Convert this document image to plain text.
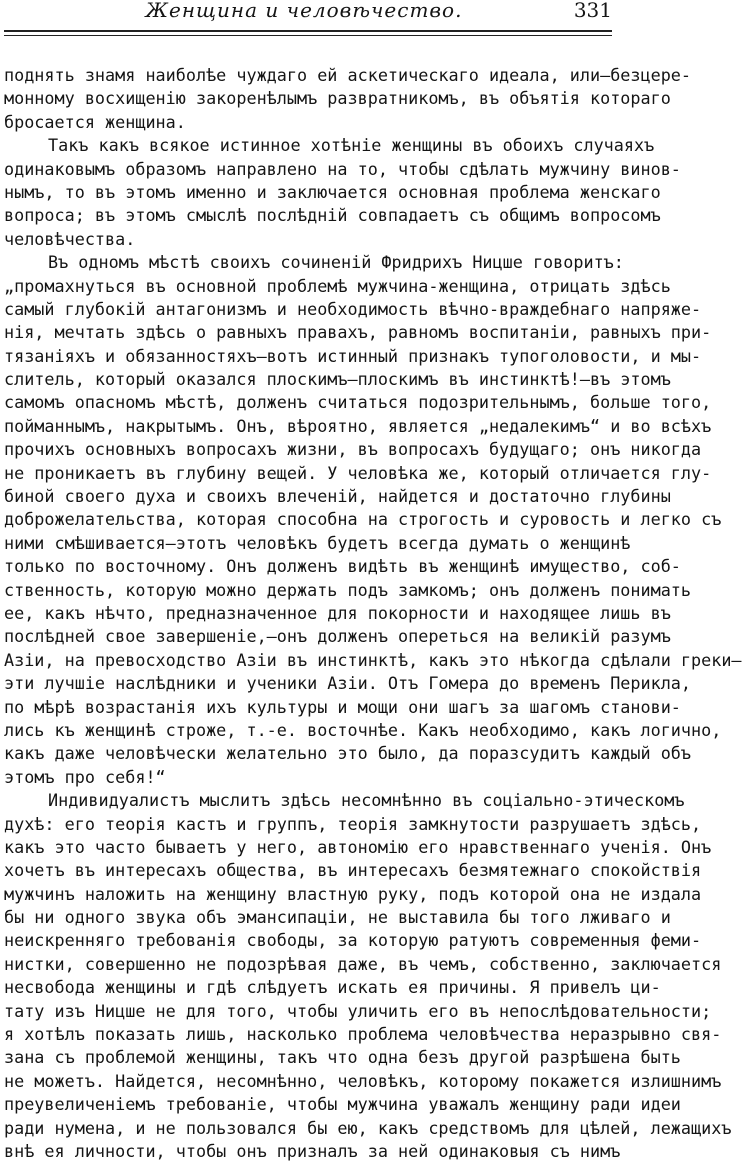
Женщина и человѣчество.	331
поднять знамя наиболѣе чуждаго ей аскетическаго идеала, или—безцере-
монному восхищенію закоренѣлымъ развратникомъ, въ объятія котораго
бросается женщина.
Такъ какъ всякое истинное хотѣніе женщины въ обоихъ случаяхъ
одинаковымъ образомъ направлено на то, чтобы сдѣлать мужчину винов-
нымъ, то въ этомъ именно и заключается основная проблема женскаго
вопроса; въ этомъ смыслѣ послѣдній совпадаетъ съ общимъ вопросомъ
человѣчества.
Въ одномъ мѣстѣ своихъ сочиненій Фридрихъ Ницше говоритъ:
„промахнуться въ основной проблемѣ мужчина-женщина, отрицать здѣсь
самый глубокій антагонизмъ и необходимость вѣчно-враждебнаго напряже-
нія, мечтать здѣсь о равныхъ правахъ, равномъ воспитаніи, равныхъ при-
тязаніяхъ и обязанностяхъ—вотъ истинный признакъ тупоголовости, и мы-
слитель, который оказался плоскимъ—плоскимъ въ инстинктѣ!—въ этомъ
самомъ опасномъ мѣстѣ, долженъ считаться подозрительнымъ, больше того,
пойманнымъ, накрытымъ. Онъ, вѣроятно, является „недалекимъ“ и во всѣхъ
прочихъ основныхъ вопросахъ жизни, въ вопросахъ будущаго; онъ никогда
не проникаетъ въ глубину вещей. У человѣка же, который отличается глу-
биной своего духа и своихъ влеченій, найдется и достаточно глубины
доброжелательства, которая способна на строгость и суровость и легко съ
ними смѣшивается—этотъ человѣкъ будетъ всегда думать о женщинѣ
только по восточному. Онъ долженъ видѣть въ женщинѣ имущество, соб-
ственность, которую можно держать подъ замкомъ; онъ долженъ понимать
ее, какъ нѣчто, предназначенное для покорности и находящее лишь въ
послѣдней свое завершеніе,—онъ долженъ опереться на великій разумъ
Азіи, на превосходство Азіи въ инстинктѣ, какъ это нѣкогда сдѣлали греки—
эти лучшіе наслѣдники и ученики Азіи. Отъ Гомера до временъ Перикла,
по мѣрѣ возрастанія ихъ культуры и мощи они шагъ за шагомъ станови-
лись къ женщинѣ строже, т.-е. восточнѣе. Какъ необходимо, какъ логично,
какъ даже человѣчески желательно это было, да поразсудитъ каждый объ
этомъ про себя!“
Индивидуалистъ мыслитъ здѣсь несомнѣнно въ соціально-этическомъ
духѣ: его теорія кастъ и группъ, теорія замкнутости разрушаетъ здѣсь,
какъ это часто бываетъ у него, автономію его нравственнаго ученія. Онъ
хочетъ въ интересахъ общества, въ интересахъ безмятежнаго спокойствія
мужчинъ наложить на женщину властную руку, подъ которой она не издала
бы ни одного звука объ эмансипаціи, не выставила бы того лживаго и
неискренняго требованія свободы, за которую ратуютъ современныя феми-
нистки, совершенно не подозрѣвая даже, въ чемъ, собственно, заключается
несвобода женщины и гдѣ слѣдуетъ искать ея причины. Я привелъ ци-
тату изъ Ницше не для того, чтобы уличить его въ непослѣдовательности;
я хотѣлъ показать лишь, насколько проблема человѣчества неразрывно свя-
зана съ проблемой женщины, такъ что одна безъ другой разрѣшена быть
не можетъ. Найдется, несомнѣнно, человѣкъ, которому покажется излишнимъ
преувеличеніемъ требованіе, чтобы мужчина уважалъ женщину ради идеи
ради нумена, и не пользовался бы ею, какъ средствомъ для цѣлей, лежащихъ
внѣ ея личности, чтобы онъ призналъ за ней одинаковыя съ нимъ
